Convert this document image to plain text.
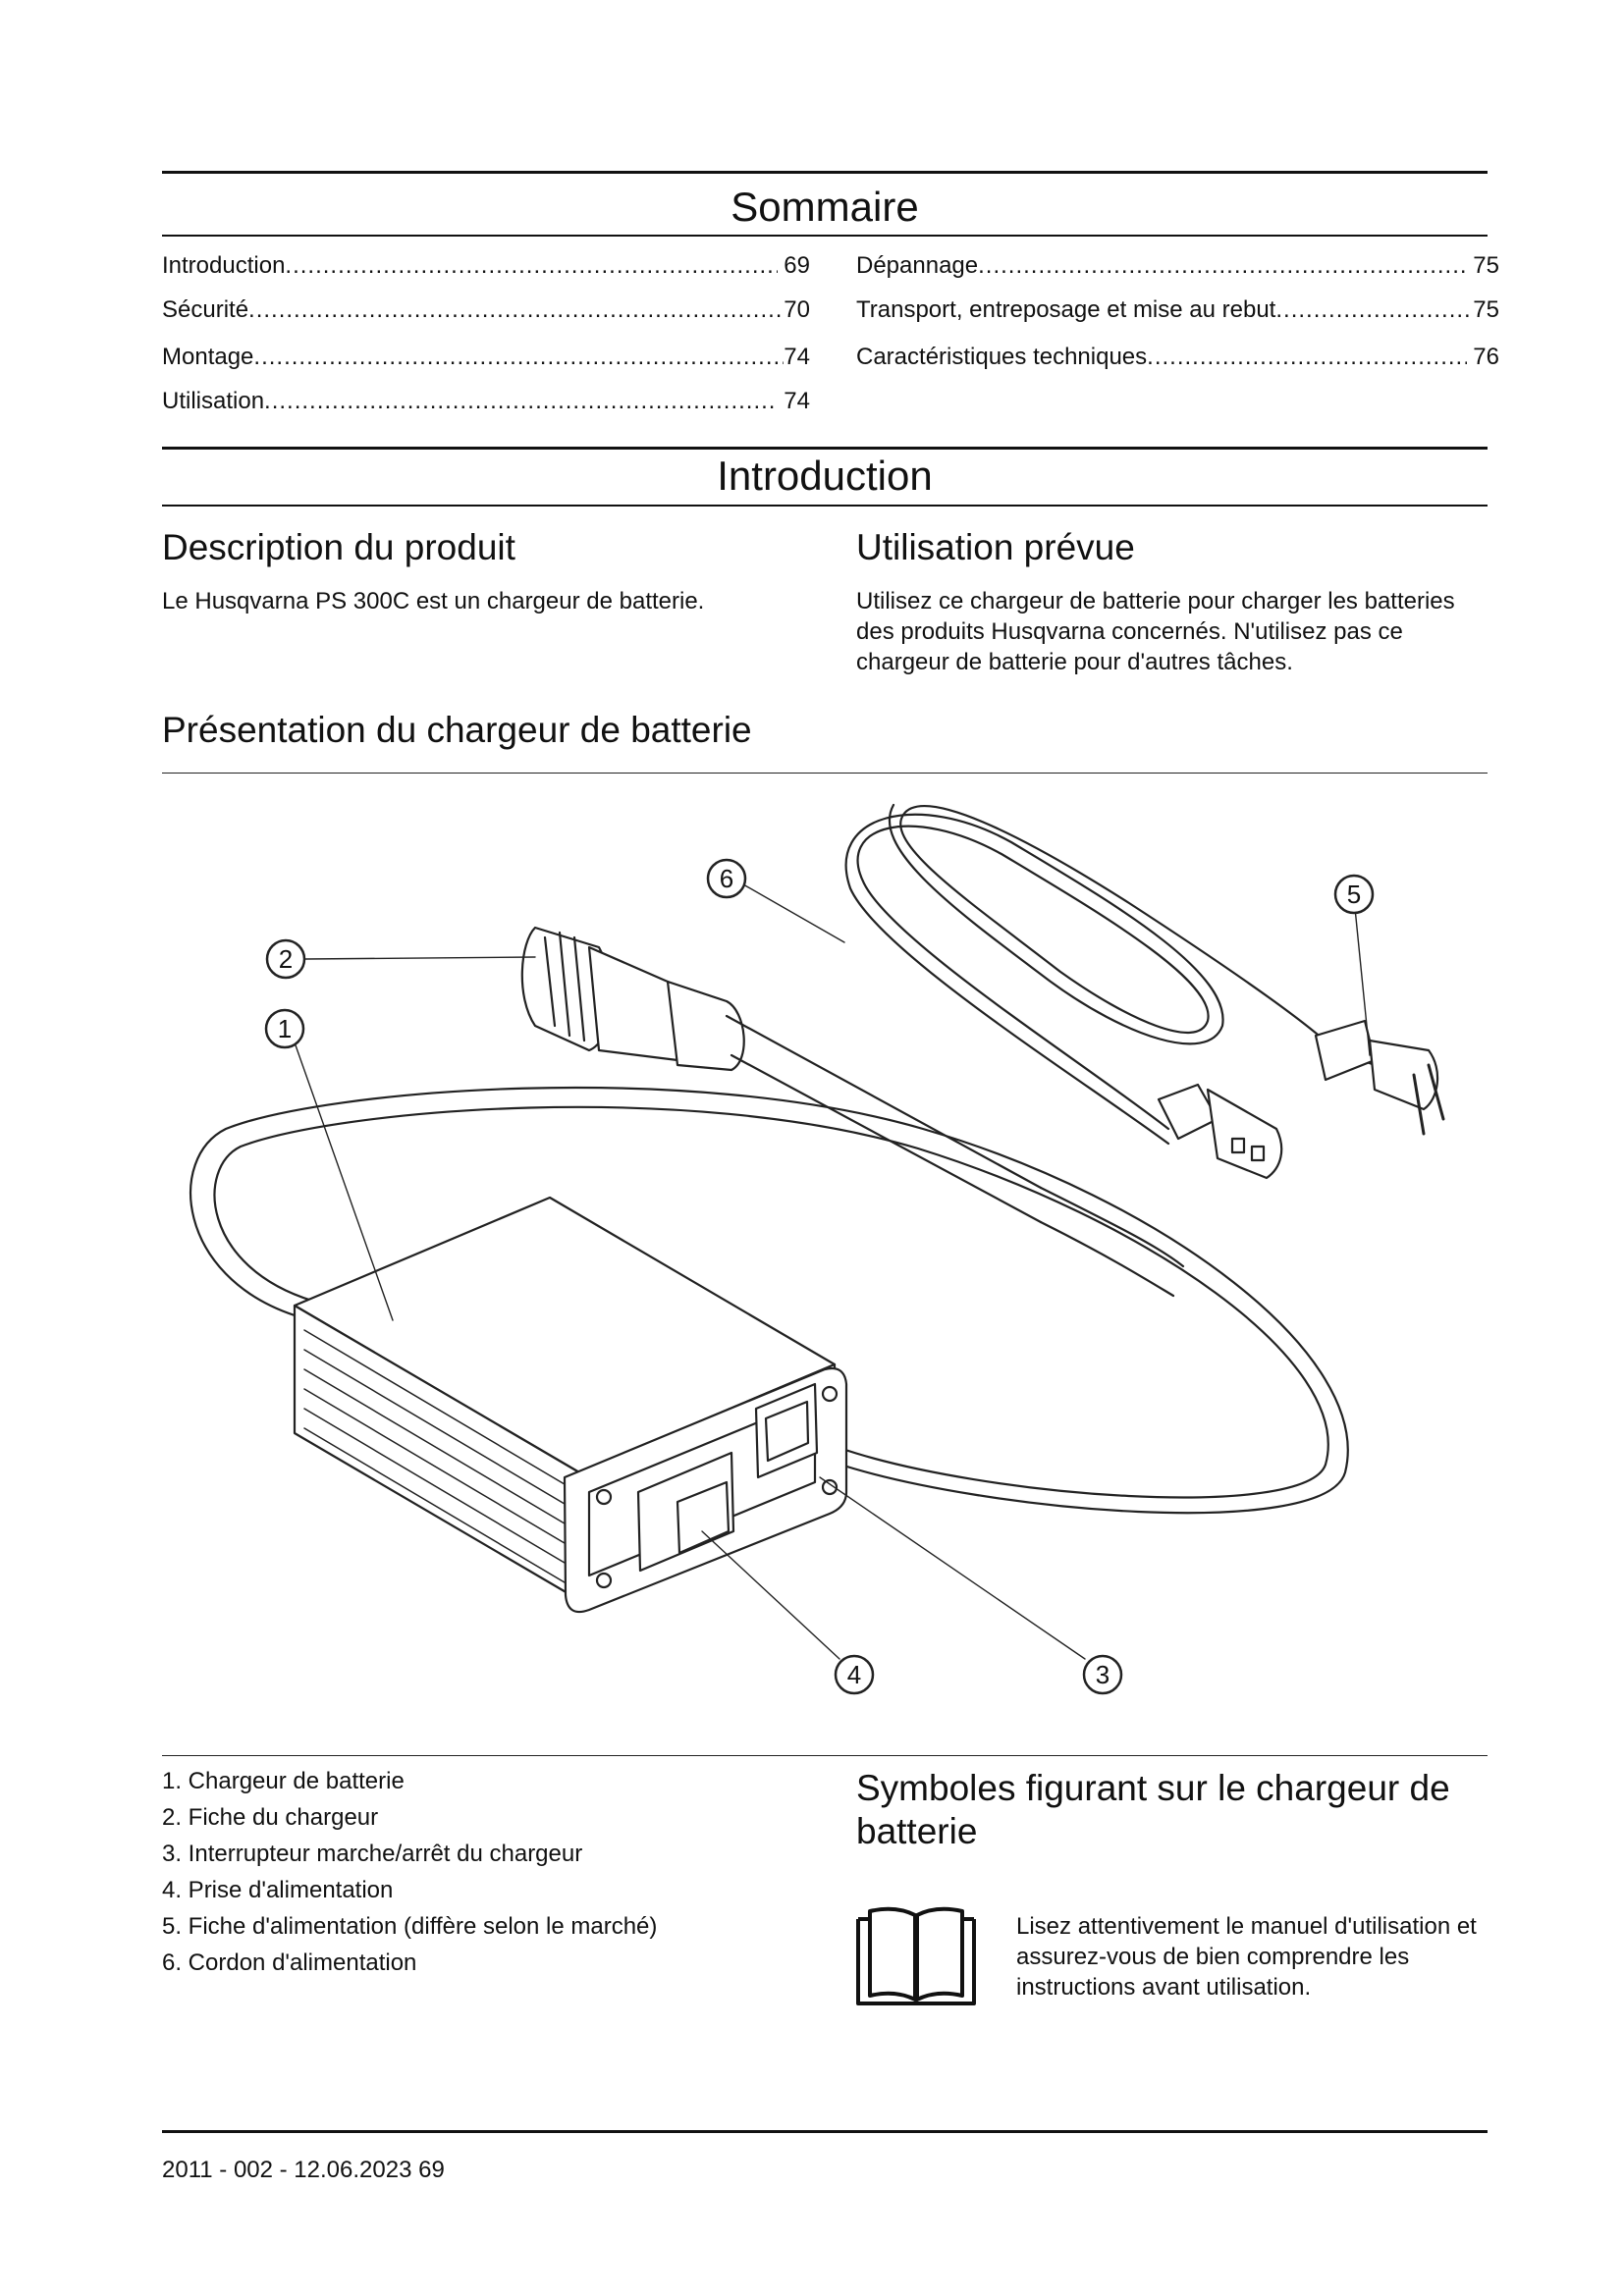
Sommaire
Introduction .....	69
Sécurité .....	70
Montage .....	74
Utilisation .....	74
Dépannage .....	75
Transport, entreposage et mise au rebut .....	75
Caractéristiques techniques .....	76
Introduction
Description du produit
Le Husqvarna PS 300C est un chargeur de batterie.
Utilisation prévue
Utilisez ce chargeur de batterie pour charger les batteries des produits Husqvarna concernés. N'utilisez pas ce chargeur de batterie pour d'autres tâches.
Présentation du chargeur de batterie
1
2
3
4
5
6
1. Chargeur de batterie
2. Fiche du chargeur
3. Interrupteur marche/arrêt du chargeur
4. Prise d'alimentation
5. Fiche d'alimentation (diffère selon le marché)
6. Cordon d'alimentation
Symboles figurant sur le chargeur de batterie
Lisez attentivement le manuel d'utilisation et assurez-vous de bien comprendre les instructions avant utilisation.
2011 - 002 - 12.06.2023 69
